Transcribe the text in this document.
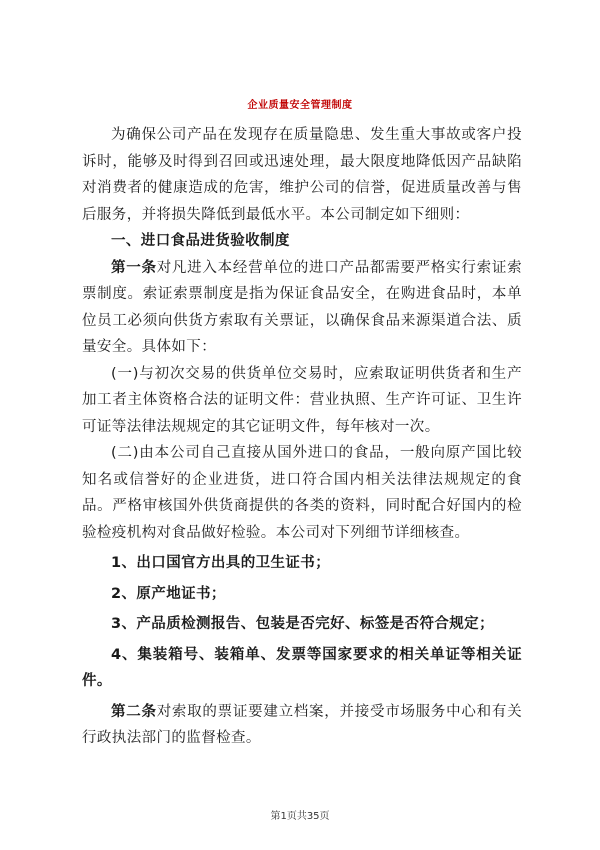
企业质量安全管理制度

为确保公司产品在发现存在质量隐患、发生重大事故或客户投诉时，能够及时得到召回或迅速处理，最大限度地降低因产品缺陷对消费者的健康造成的危害，维护公司的信誉，促进质量改善与售后服务，并将损失降低到最低水平。本公司制定如下细则：

一、进口食品进货验收制度

第一条对凡进入本经营单位的进口产品都需要严格实行索证索票制度。索证索票制度是指为保证食品安全，在购进食品时，本单位员工必须向供货方索取有关票证，以确保食品来源渠道合法、质量安全。具体如下：

(一)与初次交易的供货单位交易时，应索取证明供货者和生产加工者主体资格合法的证明文件：营业执照、生产许可证、卫生许可证等法律法规规定的其它证明文件，每年核对一次。

(二)由本公司自己直接从国外进口的食品，一般向原产国比较知名或信誉好的企业进货，进口符合国内相关法律法规规定的食品。严格审核国外供货商提供的各类的资料，同时配合好国内的检验检疫机构对食品做好检验。本公司对下列细节详细核查。

1、出口国官方出具的卫生证书；

2、原产地证书；

3、产品质检测报告、包装是否完好、标签是否符合规定；

4、集装箱号、装箱单、发票等国家要求的相关单证等相关证件。

第二条对索取的票证要建立档案，并接受市场服务中心和有关行政执法部门的监督检查。

第1页共35页
